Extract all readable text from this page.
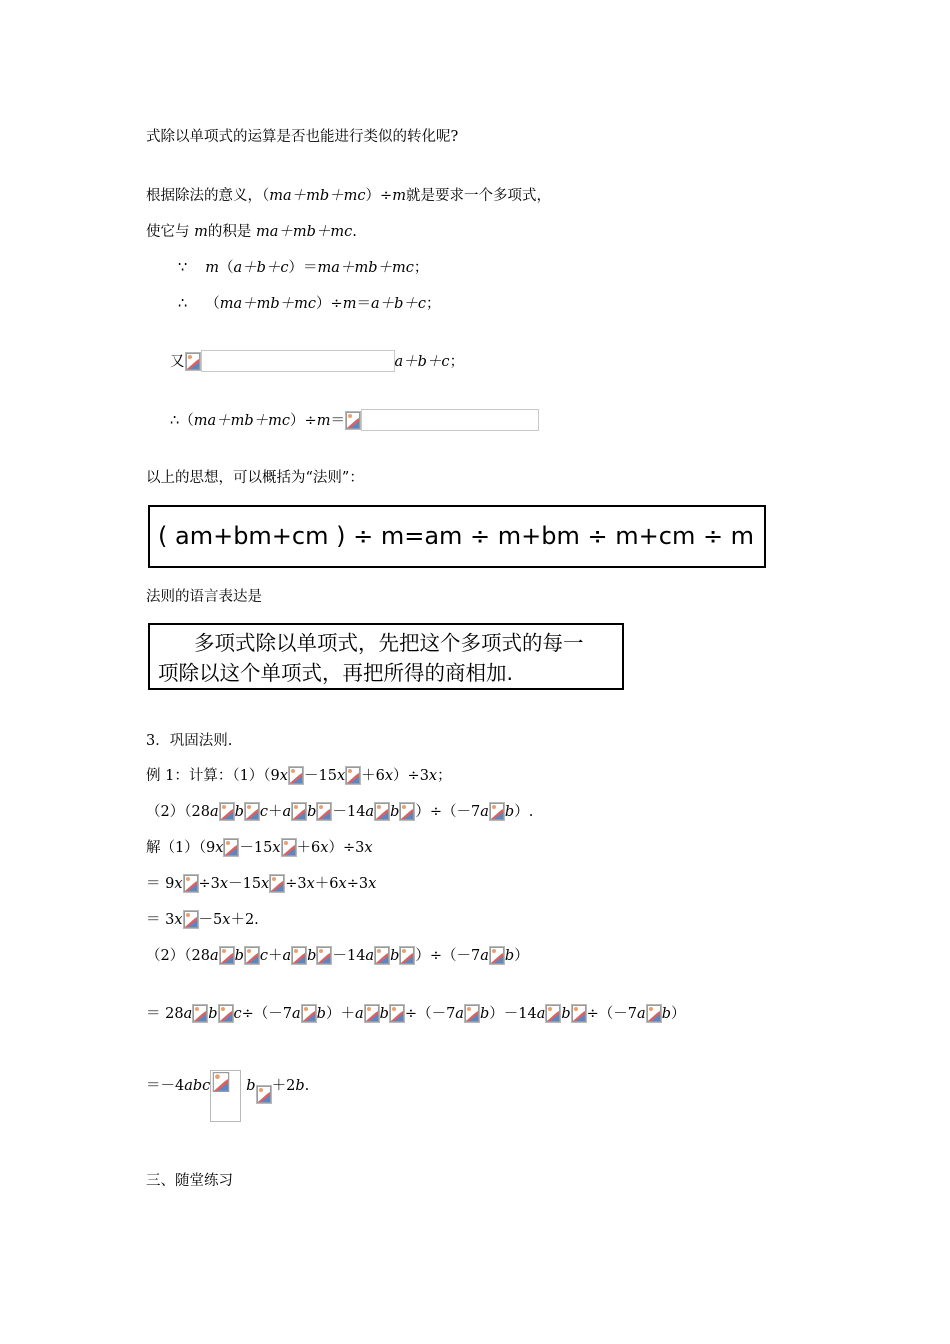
式除以单项式的运算是否也能进行类似的转化呢?
根据除法的意义，（ma＋mb＋mc）÷m就是要求一个多项式，
使它与 m的积是 ma＋mb＋mc.
∵ m（a＋b＋c）＝ma＋mb＋mc；
∴ （ma＋mb＋mc）÷m＝a＋b＋c；
又	a＋b＋c；
∴（ma＋mb＋mc）÷m＝
以上的思想，可以概括为“法则”：
( am+bm+cm ) ÷ m=am ÷ m+bm ÷ m+cm ÷ m
法则的语言表达是
多项式除以单项式，先把这个多项式的每一
项除以这个单项式，再把所得的商相加.
3．巩固法则.
例 1：计算：（1）（9x －15x ＋6x）÷3x；
（2）（28a b c＋a b －14a b ）÷（－7a b）.
解（1）（9x －15x ＋6x）÷3x
＝ 9x ÷3x－15x ÷3x＋6x÷3x
＝ 3x －5x＋2.
（2）（28a b c＋a b －14a b ）÷（－7a b）
＝ 28a b c÷（－7a b）＋a b ÷（－7a b）－14a b ÷（－7a b）
＝－4abc b ＋2b.
三、随堂练习
